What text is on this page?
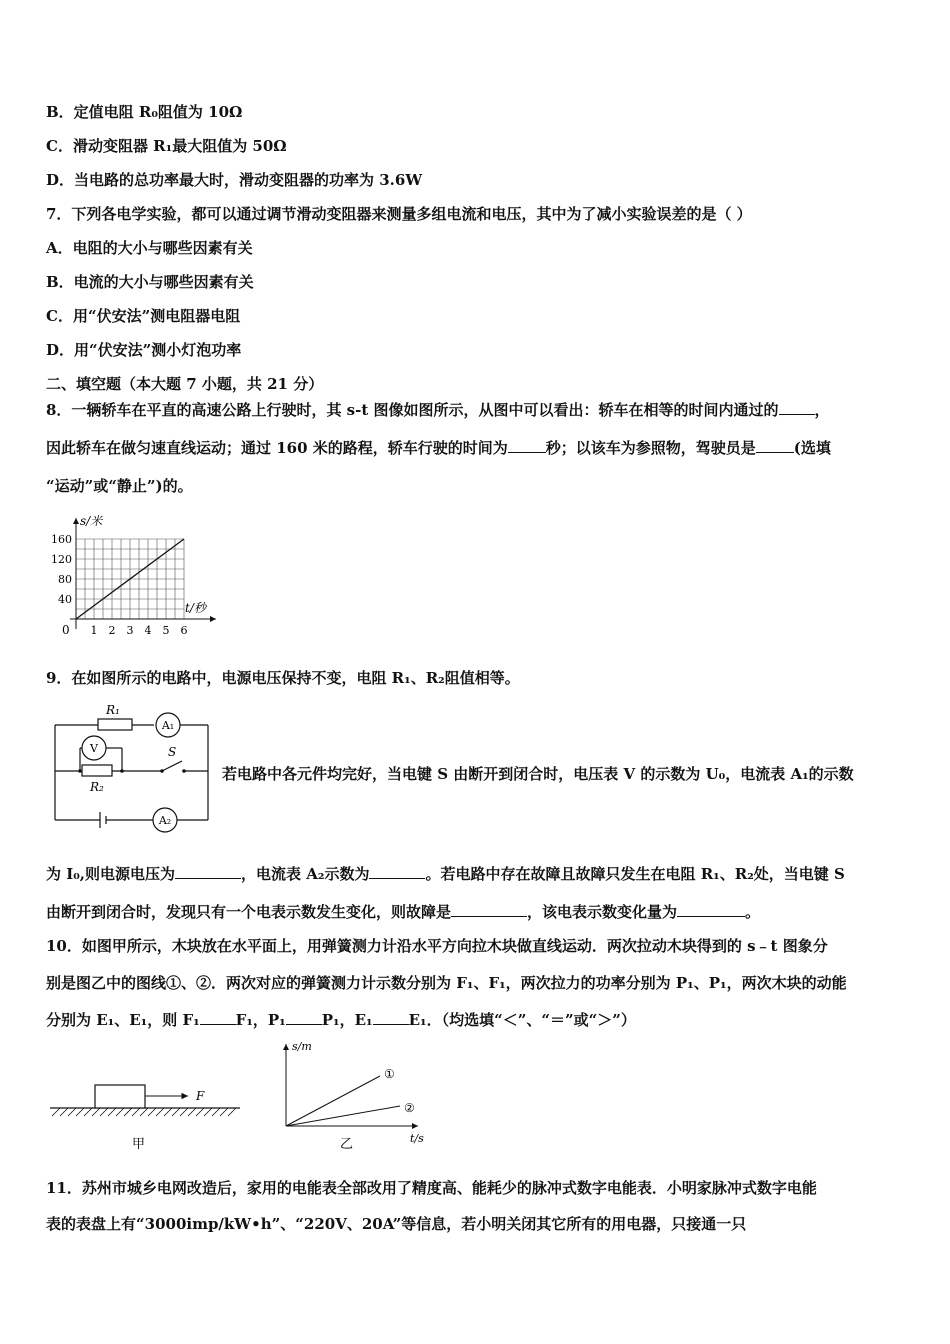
B．定值电阻 R₀阻值为 10Ω
C．滑动变阻器 R₁最大阻值为 50Ω
D．当电路的总功率最大时，滑动变阻器的功率为 3.6W
7．下列各电学实验，都可以通过调节滑动变阻器来测量多组电流和电压，其中为了减小实验误差的是（ ）
A．电阻的大小与哪些因素有关
B．电流的大小与哪些因素有关
C．用“伏安法”测电阻器电阻
D．用“伏安法”测小灯泡功率
二、填空题（本大题 7 小题，共 21 分）
8．一辆轿车在平直的高速公路上行驶时，其 s-t 图像如图所示，从图中可以看出：轿车在相等的时间内通过的 ，
因此轿车在做匀速直线运动；通过 160 米的路程，轿车行驶的时间为	秒；以该车为参照物，驾驶员是	(选填
“运动”或“静止”)的。
s/米
t/秒
0
160
120
80
40
1 2 3 4 5 6
9．在如图所示的电路中，电源电压保持不变，电阻 R₁、R₂阻值相等。
R₁
A₁
V	S
R₂
A₂
若电路中各元件均完好，当电键 S 由断开到闭合时，电压表 V 的示数为 U₀，电流表 A₁的示数
为 I₀,则电源电压为	，电流表 A₂示数为	。若电路中存在故障且故障只发生在电阻 R₁、R₂处，当电键 S
由断开到闭合时，发现只有一个电表示数发生变化，则故障是	，该电表示数变化量为	。
10．如图甲所示，木块放在水平面上，用弹簧测力计沿水平方向拉木块做直线运动．两次拉动木块得到的 s﹣t 图象分
别是图乙中的图线①、②．两次对应的弹簧测力计示数分别为 F₁、F₁，两次拉力的功率分别为 P₁、P₁，两次木块的动能
分别为 E₁、E₁，则 F₁ F₁，P₁ P₁，E₁ E₁．（均选填“＜”、“＝”或“＞”）
F
甲
s/m
t/s
①
②
乙
11．苏州市城乡电网改造后，家用的电能表全部改用了精度高、能耗少的脉冲式数字电能表．小明家脉冲式数字电能
表的表盘上有“3000imp/kW•h”、“220V、20A”等信息，若小明关闭其它所有的用电器，只接通一只
